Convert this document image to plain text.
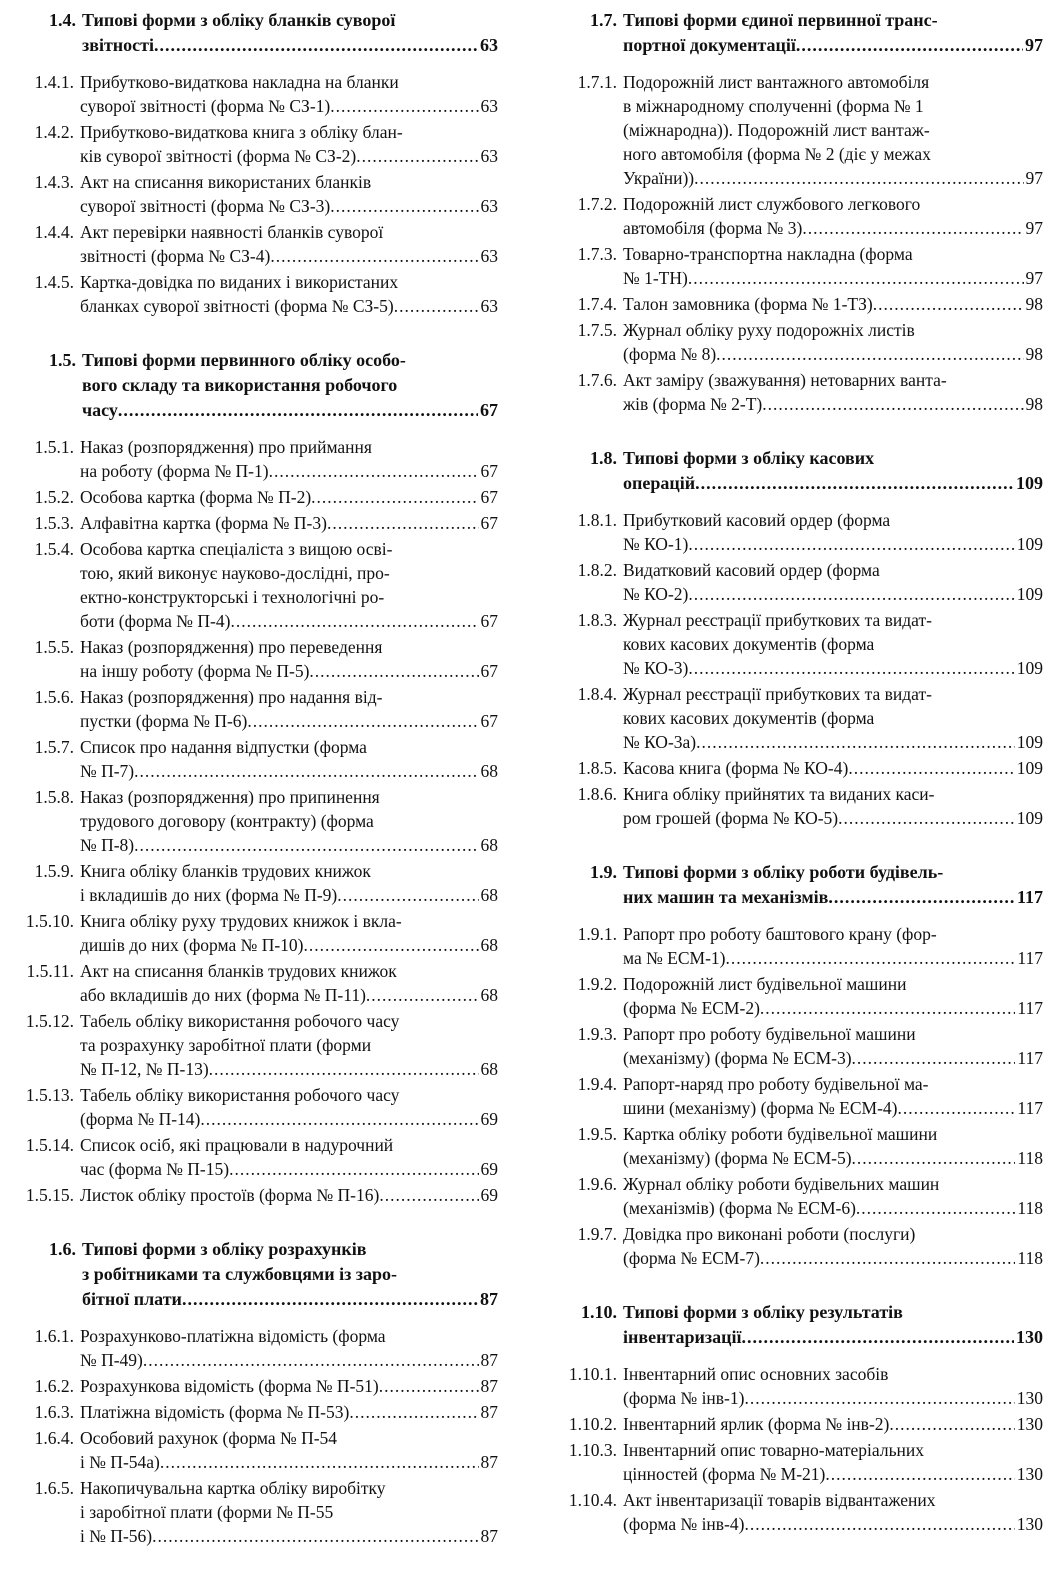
1.4. Типові форми з обліку бланків суворої
звітності .....	63
1.4.1. Прибутково-видаткова накладна на бланки
суворої звітності (форма № СЗ-1) .....	63
1.4.2. Прибутково-видаткова книга з обліку блан-
ків суворої звітності (форма № СЗ-2) .....	63
1.4.3. Акт на списання використаних бланків
суворої звітності (форма № СЗ-3) .....	63
1.4.4. Акт перевірки наявності бланків суворої
звітності (форма № СЗ-4) .....	63
1.4.5. Картка-довідка по виданих і використаних
бланках суворої звітності (форма № СЗ-5) .....	63
1.5. Типові форми первинного обліку особо-
вого складу та використання робочого
часу .....	67
1.5.1. Наказ (розпорядження) про приймання
на роботу (форма № П-1) .....	67
1.5.2. Особова картка (форма № П-2) .....	67
1.5.3. Алфавітна картка (форма № П-3) .....	67
1.5.4. Особова картка спеціаліста з вищою осві-
тою, який виконує науково-дослідні, про-
ектно-конструкторські і технологічні ро-
боти (форма № П-4) .....	67
1.5.5. Наказ (розпорядження) про переведення
на іншу роботу (форма № П-5) .....	67
1.5.6. Наказ (розпорядження) про надання від-
пустки (форма № П-6) .....	67
1.5.7. Список про надання відпустки (форма
№ П-7) .....	68
1.5.8. Наказ (розпорядження) про припинення
трудового договору (контракту) (форма
№ П-8) .....	68
1.5.9. Книга обліку бланків трудових книжок
і вкладишів до них (форма № П-9) .....	68
1.5.10. Книга обліку руху трудових книжок і вкла-
дишів до них (форма № П-10) .....	68
1.5.11. Акт на списання бланків трудових книжок
або вкладишів до них (форма № П-11) .....	68
1.5.12. Табель обліку використання робочого часу
та розрахунку заробітної плати (форми
№ П-12, № П-13) .....	68
1.5.13. Табель обліку використання робочого часу
(форма № П-14) .....	69
1.5.14. Список осіб, які працювали в надурочний
час (форма № П-15) .....	69
1.5.15. Листок обліку простоїв (форма № П-16) .....	69
1.6. Типові форми з обліку розрахунків
з робітниками та службовцями із заро-
бітної плати .....	87
1.6.1. Розрахунково-платіжна відомість (форма
№ П-49) .....	87
1.6.2. Розрахункова відомість (форма № П-51) .....	87
1.6.3. Платіжна відомість (форма № П-53) .....	87
1.6.4. Особовий рахунок (форма № П-54
і № П-54а) .....	87
1.6.5. Накопичувальна картка обліку виробітку
і заробітної плати (форми № П-55
і № П-56) .....	87
1.7. Типові форми єдиної первинної транс-
портної документації .....	97
1.7.1. Подорожній лист вантажного автомобіля
в міжнародному сполученні (форма № 1
(міжнародна)). Подорожній лист вантаж-
ного автомобіля (форма № 2 (діє у межах
України)) .....	97
1.7.2. Подорожній лист службового легкового
автомобіля (форма № 3) .....	97
1.7.3. Товарно-транспортна накладна (форма
№ 1-ТН) .....	97
1.7.4. Талон замовника (форма № 1-ТЗ) .....	98
1.7.5. Журнал обліку руху подорожніх листів
(форма № 8) .....	98
1.7.6. Акт заміру (зважування) нетоварних ванта-
жів (форма № 2-Т) .....	98
1.8. Типові форми з обліку касових
операцій .....	109
1.8.1. Прибутковий касовий ордер (форма
№ КО-1) .....	109
1.8.2. Видатковий касовий ордер (форма
№ КО-2) .....	109
1.8.3. Журнал реєстрації прибуткових та видат-
кових касових документів (форма
№ КО-3) .....	109
1.8.4. Журнал реєстрації прибуткових та видат-
кових касових документів (форма
№ КО-3а) .....	109
1.8.5. Касова книга (форма № КО-4) .....	109
1.8.6. Книга обліку прийнятих та виданих каси-
ром грошей (форма № КО-5) .....	109
1.9. Типові форми з обліку роботи будівель-
них машин та механізмів .....	117
1.9.1. Рапорт про роботу баштового крану (фор-
ма № ЕСМ-1) .....	117
1.9.2. Подорожній лист будівельної машини
(форма № ЕСМ-2) .....	117
1.9.3. Рапорт про роботу будівельної машини
(механізму) (форма № ЕСМ-3) .....	117
1.9.4. Рапорт-наряд про роботу будівельної ма-
шини (механізму) (форма № ЕСМ-4) .....	117
1.9.5. Картка обліку роботи будівельної машини
(механізму) (форма № ЕСМ-5) .....	118
1.9.6. Журнал обліку роботи будівельних машин
(механізмів) (форма № ЕСМ-6) .....	118
1.9.7. Довідка про виконані роботи (послуги)
(форма № ЕСМ-7) .....	118
1.10. Типові форми з обліку результатів
інвентаризації .....	130
1.10.1. Інвентарний опис основних засобів
(форма № інв-1) .....	130
1.10.2. Інвентарний ярлик (форма № інв-2) .....	130
1.10.3. Інвентарний опис товарно-матеріальних
цінностей (форма № М-21) .....	130
1.10.4. Акт інвентаризації товарів відвантажених
(форма № інв-4) .....	130
